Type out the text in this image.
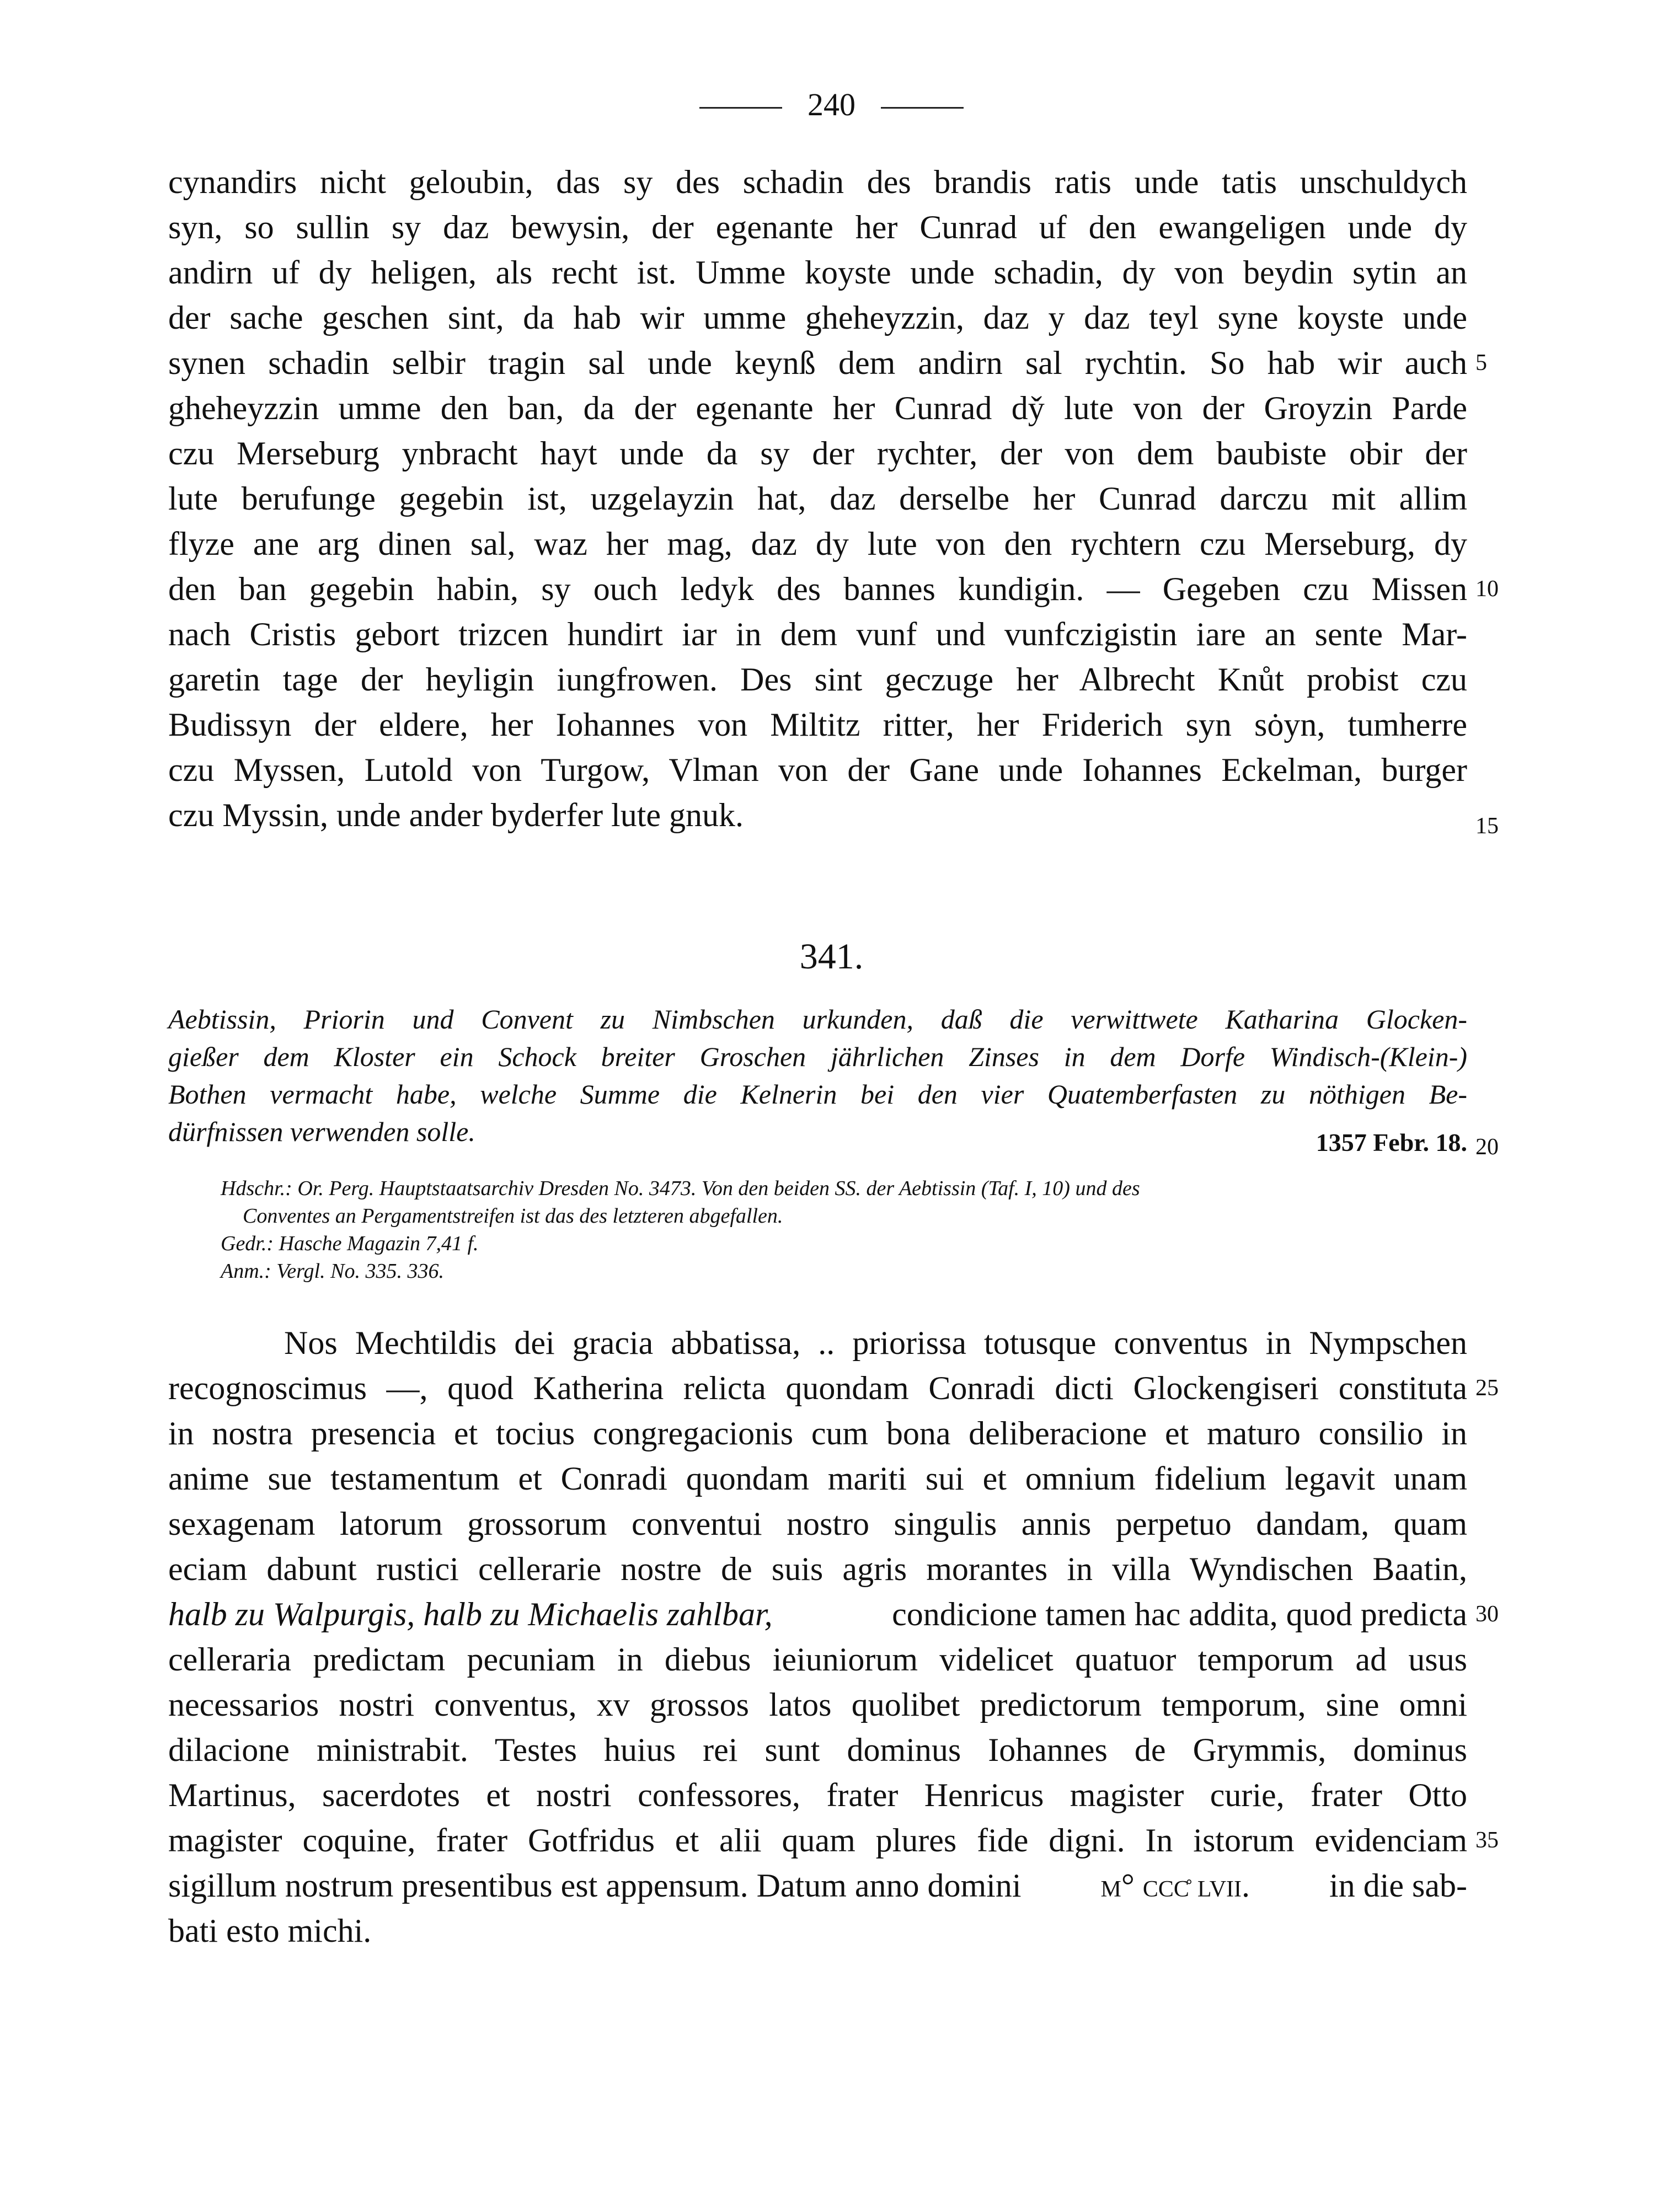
240
cynandirs nicht geloubin, das sy des schadin des brandis ratis unde tatis unschuldych
syn, so sullin sy daz bewysin, der egenante her Cunrad uf den ewangeligen unde dy
andirn uf dy heligen, als recht ist. Umme koyste unde schadin, dy von beydin sytin an
der sache geschen sint, da hab wir umme gheheyzzin, daz y daz teyl syne koyste unde
synen schadin selbir tragin sal unde keynß dem andirn sal rychtin. So hab wir auch
gheheyzzin umme den ban, da der egenante her Cunrad dy̌ lute von der Groyzin Parde
czu Merseburg ynbracht hayt unde da sy der rychter, der von dem baubiste obir der
lute berufunge gegebin ist, uzgelayzin hat, daz derselbe her Cunrad darczu mit allim
flyze ane arg dinen sal, waz her mag, daz dy lute von den rychtern czu Merseburg, dy
den ban gegebin habin, sy ouch ledyk des bannes kundigin. — Gegeben czu Missen
nach Cristis gebort trizcen hundirt iar in dem vunf und vunfczigistin iare an sente Mar-
garetin tage der heyligin iungfrowen. Des sint geczuge her Albrecht Knůt probist czu
Budissyn der eldere, her Iohannes von Miltitz ritter, her Friderich syn sȯyn, tumherre
czu Myssen, Lutold von Turgow, Vlman von der Gane unde Iohannes Eckelman, burger
czu Myssin, unde ander byderfer lute gnuk.
5
10
15
341.
Aebtissin, Priorin und Convent zu Nimbschen urkunden, daß die verwittwete Katharina Glocken-
gießer dem Kloster ein Schock breiter Groschen jährlichen Zinses in dem Dorfe Windisch-(Klein-)
Bothen vermacht habe, welche Summe die Kelnerin bei den vier Quatemberfasten zu nöthigen Be-
dürfnissen verwenden solle.	1357 Febr. 18. 20
Hdschr.: Or. Perg. Hauptstaatsarchiv Dresden No. 3473. Von den beiden SS. der Aebtissin (Taf. I, 10) und des
Conventes an Pergamentstreifen ist das des letzteren abgefallen.
Gedr.: Hasche Magazin 7,41 f.
Anm.: Vergl. No. 335. 336.
Nos Mechtildis dei gracia abbatissa, .. priorissa totusque conventus in Nympschen
recognoscimus —, quod Katherina relicta quondam Conradi dicti Glockengiseri constituta
in nostra presencia et tocius congregacionis cum bona deliberacione et maturo consilio in
anime sue testamentum et Conradi quondam mariti sui et omnium fidelium legavit unam
sexagenam latorum grossorum conventui nostro singulis annis perpetuo dandam, quam
eciam dabunt rustici cellerarie nostre de suis agris morantes in villa Wyndischen Baatin,
halb zu Walpurgis, halb zu Michaelis zahlbar,	condicione tamen hac addita, quod predicta
celleraria predictam pecuniam in diebus ieiuniorum videlicet quatuor temporum ad usus
necessarios nostri conventus, xv grossos latos quolibet predictorum temporum, sine omni
dilacione ministrabit. Testes huius rei sunt dominus Iohannes de Grymmis, dominus
Martinus, sacerdotes et nostri confessores, frater Henricus magister curie, frater Otto
magister coquine, frater Gotfridus et alii quam plures fide digni. In istorum evidenciam
sigillum nostrum presentibus est appensum. Datum anno domini m° ccc̊ lvii. in die sab-
bati esto michi.
25
30
35
